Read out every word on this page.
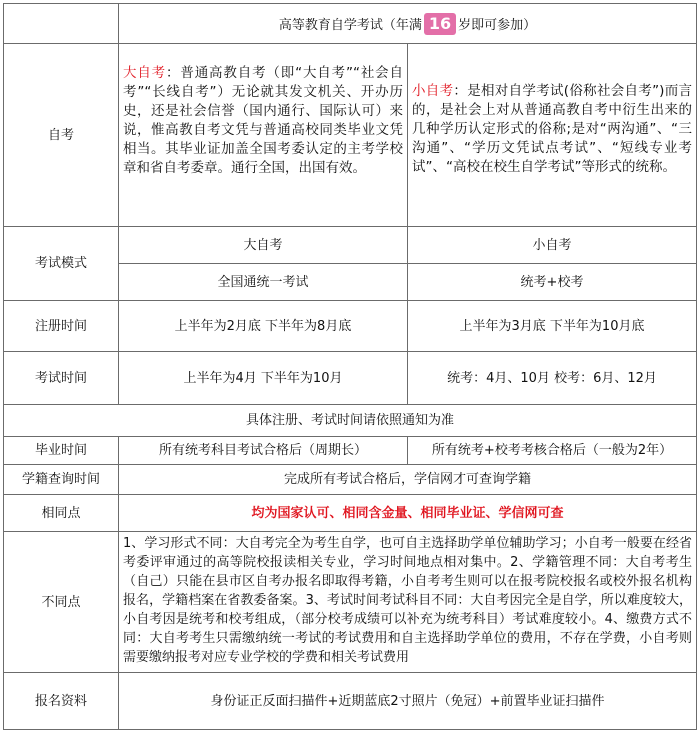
	高等教育自学考试（年满 16 岁即可参加）	
自考	大自考：普通高教自考（即“大自考”“社会自考”“长线自考”）无论就其发文机关、开办历史，还是社会信誉（国内通行、国际认可）来说，惟高教自考文凭与普通高校同类毕业文凭相当。其毕业证加盖全国考委认定的主考学校章和省自考委章。通行全国，出国有效。	小自考：是相对自学考试(俗称社会自考”)而言的，是社会上对从普通高教自考中衍生出来的几种学历认定形式的俗称;是对“两沟通”、“三沟通”、“学历文凭试点考试”、“短线专业考试”、“高校在校生自学考试”等形式的统称。
考试模式	大自考	小自考
	全国通统一考试	统考+校考
注册时间	上半年为2月底 下半年为8月底	上半年为3月底 下半年为10月底
考试时间	上半年为4月 下半年为10月	统考：4月、10月 校考：6月、12月
具体注册、考试时间请依照通知为准		
毕业时间	所有统考科目考试合格后（周期长）	所有统考+校考考核合格后（一般为2年）
学籍查询时间	完成所有考试合格后，学信网才可查询学籍	
相同点	均为国家认可、相同含金量、相同毕业证、学信网可查	
不同点	1、学习形式不同：大自考完全为考生自学，也可自主选择助学单位辅助学习；小自考一般要在经省考委评审通过的高等院校报读相关专业，学习时间地点相对集中。2、学籍管理不同：大自考考生（自己）只能在县市区自考办报名即取得考籍，小自考考生则可以在报考院校报名或校外报名机构报名，学籍档案在省教委备案。3、考试时间考试科目不同：大自考因完全是自学，所以难度较大，小自考因是统考和校考组成，（部分校考成绩可以补充为统考科目）考试难度较小。4、缴费方式不同：大自考考生只需缴纳统一考试的考试费用和自主选择助学单位的费用，不存在学费，小自考则需要缴纳报考对应专业学校的学费和相关考试费用	
报名资料	身份证正反面扫描件+近期蓝底2寸照片（免冠）+前置毕业证扫描件	
